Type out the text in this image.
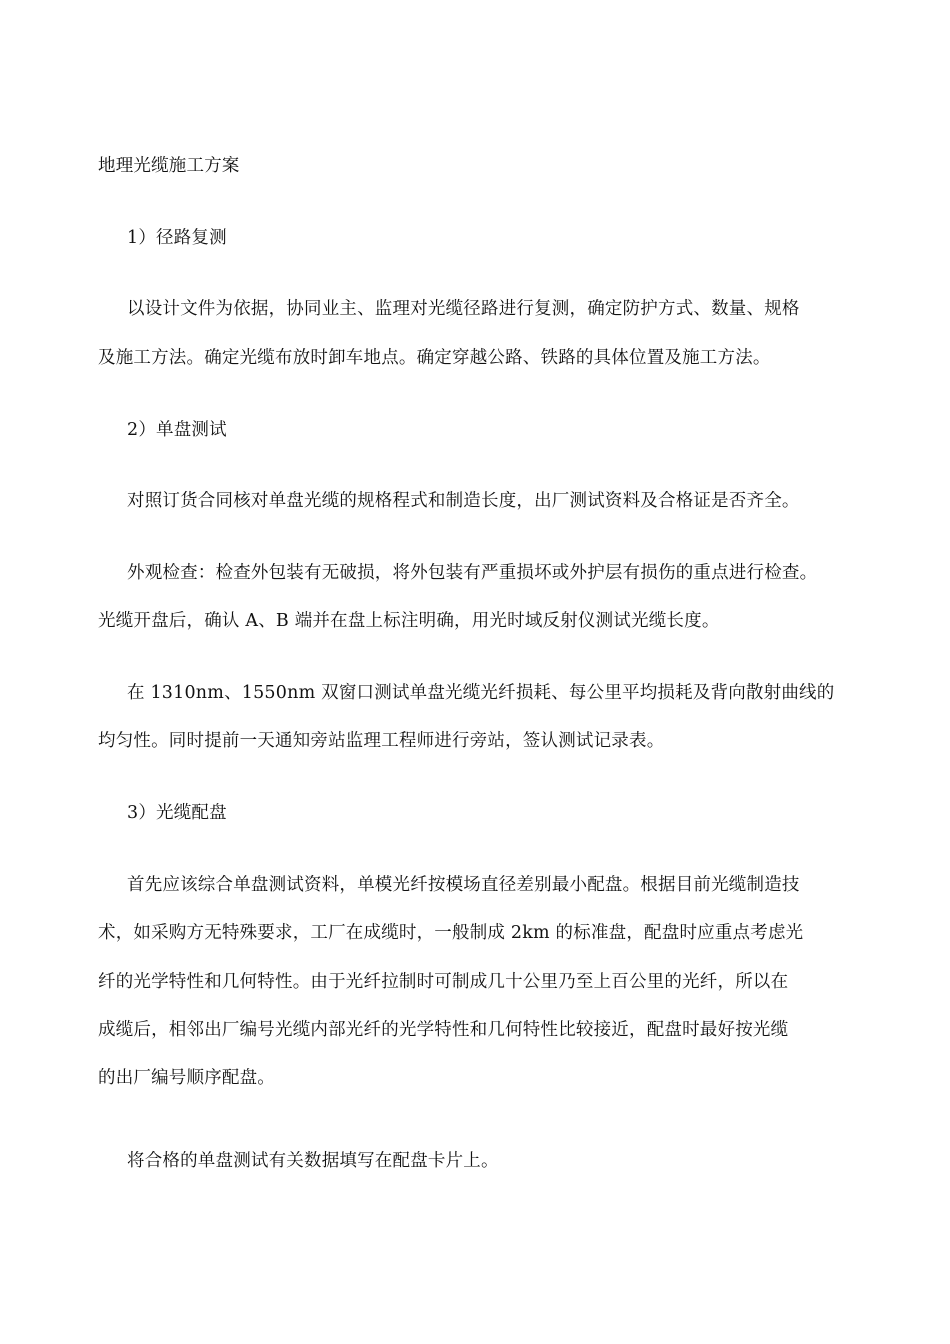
地理光缆施工方案
1）径路复测
以设计文件为依据，协同业主、监理对光缆径路进行复测，确定防护方式、数量、规格
及施工方法。确定光缆布放时卸车地点。确定穿越公路、铁路的具体位置及施工方法。
2）单盘测试
对照订货合同核对单盘光缆的规格程式和制造长度，出厂测试资料及合格证是否齐全。
外观检查：检查外包装有无破损，将外包装有严重损坏或外护层有损伤的重点进行检查。
光缆开盘后，确认 A、B 端并在盘上标注明确，用光时域反射仪测试光缆长度。
在 1310nm、1550nm 双窗口测试单盘光缆光纤损耗、每公里平均损耗及背向散射曲线的
均匀性。同时提前一天通知旁站监理工程师进行旁站，签认测试记录表。
3）光缆配盘
首先应该综合单盘测试资料，单模光纤按模场直径差别最小配盘。根据目前光缆制造技
术，如采购方无特殊要求，工厂在成缆时，一般制成 2km 的标准盘，配盘时应重点考虑光
纤的光学特性和几何特性。由于光纤拉制时可制成几十公里乃至上百公里的光纤，所以在
成缆后，相邻出厂编号光缆内部光纤的光学特性和几何特性比较接近，配盘时最好按光缆
的出厂编号顺序配盘。
将合格的单盘测试有关数据填写在配盘卡片上。
